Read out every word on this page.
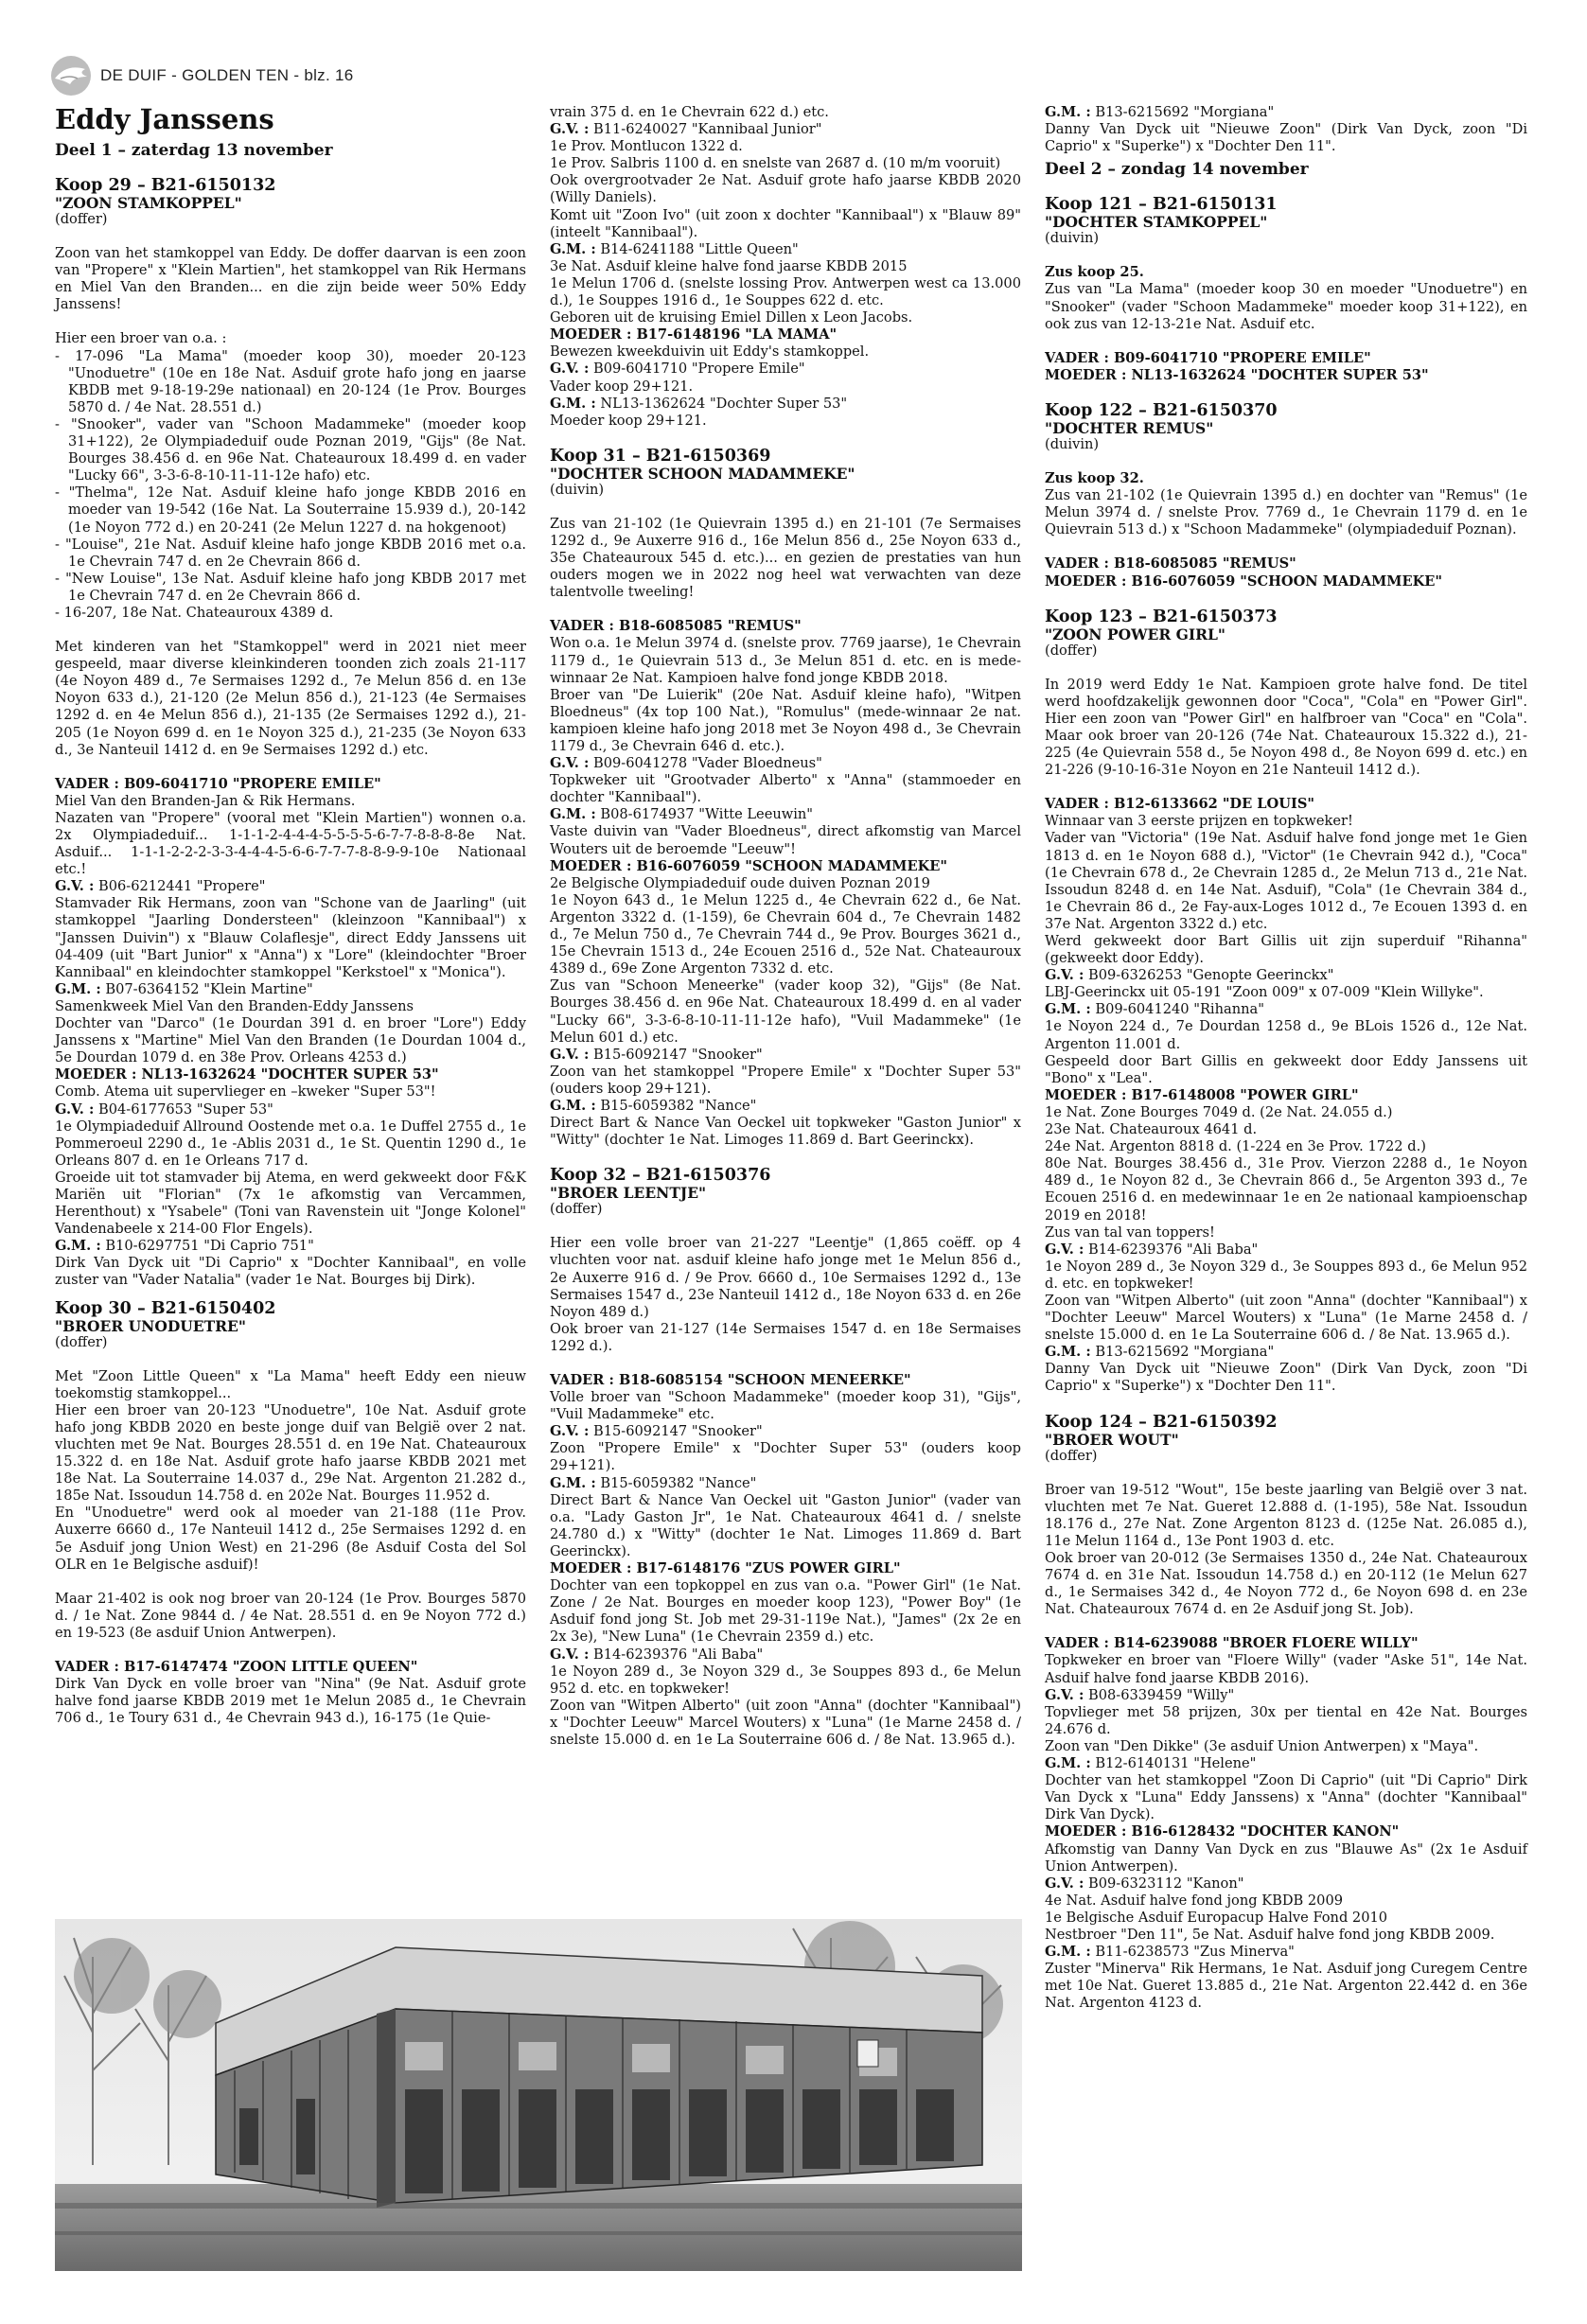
DE DUIF - GOLDEN TEN - blz. 16
Eddy Janssens
Deel 1 – zaterdag 13 november
Koop 29 – B21-6150132
"ZOON STAMKOPPEL"
(doffer)

Zoon van het stamkoppel van Eddy. De doffer daarvan is een zoon van "Propere" x "Klein Martien", het stamkoppel van Rik Hermans en Miel Van den Branden... en die zijn beide weer 50% Eddy Janssens!

Hier een broer van o.a. :

- 17-096 "La Mama" (moeder koop 30), moeder 20-123 "Unoduetre" (10e en 18e Nat. Asduif grote hafo jong en jaarse KBDB met 9-18-19-29e nationaal) en 20-124 (1e Prov. Bourges 5870 d. / 4e Nat. 28.551 d.)

- "Snooker", vader van "Schoon Madammeke" (moeder koop 31+122), 2e Olympiadeduif oude Poznan 2019, "Gijs" (8e Nat. Bourges 38.456 d. en 96e Nat. Chateauroux 18.499 d. en vader "Lucky 66", 3-3-6-8-10-11-11-12e hafo) etc.

- "Thelma", 12e Nat. Asduif kleine hafo jonge KBDB 2016 en moeder van 19-542 (16e Nat. La Souterraine 15.939 d.), 20-142 (1e Noyon 772 d.) en 20-241 (2e Melun 1227 d. na hokgenoot)

- "Louise", 21e Nat. Asduif kleine hafo jonge KBDB 2016 met o.a. 1e Chevrain 747 d. en 2e Chevrain 866 d.

- "New Louise", 13e Nat. Asduif kleine hafo jong KBDB 2017 met 1e Chevrain 747 d. en 2e Chevrain 866 d.

- 16-207, 18e Nat. Chateauroux 4389 d.

Met kinderen van het "Stamkoppel" werd in 2021 niet meer gespeeld, maar diverse kleinkinderen toonden zich zoals 21-117 (4e Noyon 489 d., 7e Sermaises 1292 d., 7e Melun 856 d. en 13e Noyon 633 d.), 21-120 (2e Melun 856 d.), 21-123 (4e Sermaises 1292 d. en 4e Melun 856 d.), 21-135 (2e Sermaises 1292 d.), 21-205 (1e Noyon 699 d. en 1e Noyon 325 d.), 21-235 (3e Noyon 633 d., 3e Nanteuil 1412 d. en 9e Sermaises 1292 d.) etc.

VADER : B09-6041710 "PROPERE EMILE"

Miel Van den Branden-Jan & Rik Hermans.
Nazaten van "Propere" (vooral met "Klein Martien") wonnen o.a. 2x Olympiadeduif... 1-1-1-2-4-4-4-5-5-5-5-6-7-7-8-8-8-8e Nat. Asduif... 1-1-1-2-2-2-3-3-4-4-4-5-6-6-7-7-7-8-8-9-9-10e Nationaal etc.!

G.V. : B06-6212441 "Propere"

Stamvader Rik Hermans, zoon van "Schone van de Jaarling" (uit stamkoppel "Jaarling Dondersteen" (kleinzoon "Kannibaal") x "Janssen Duivin") x "Blauw Colaflesje", direct Eddy Janssens uit 04-409 (uit "Bart Junior" x "Anna") x "Lore" (kleindochter "Broer Kannibaal" en kleindochter stamkoppel "Kerkstoel" x "Monica").

G.M. : B07-6364152 "Klein Martine"

Samenkweek Miel Van den Branden-Eddy Janssens
Dochter van "Darco" (1e Dourdan 391 d. en broer "Lore") Eddy Janssens x "Martine" Miel Van den Branden (1e Dourdan 1004 d., 5e Dourdan 1079 d. en 38e Prov. Orleans 4253 d.)

MOEDER : NL13-1632624 "DOCHTER SUPER 53"

Comb. Atema uit supervlieger en –kweker "Super 53"!

G.V. : B04-6177653 "Super 53"

1e Olympiadeduif Allround Oostende met o.a. 1e Duffel 2755 d., 1e Pommeroeul 2290 d., 1e -Ablis 2031 d., 1e St. Quentin 1290 d., 1e Orleans 807 d. en 1e Orleans 717 d.
Groeide uit tot stamvader bij Atema, en werd gekweekt door F&K Mariën uit "Florian" (7x 1e afkomstig van Vercammen, Herenthout) x "Ysabele" (Toni van Ravenstein uit "Jonge Kolonel" Vandenabeele x 214-00 Flor Engels).

G.M. : B10-6297751 "Di Caprio 751"

Dirk Van Dyck uit "Di Caprio" x "Dochter Kannibaal", en volle zuster van "Vader Natalia" (vader 1e Nat. Bourges bij Dirk).

Koop 30 – B21-6150402
"BROER UNODUETRE"
(doffer)

Met "Zoon Little Queen" x "La Mama" heeft Eddy een nieuw toekomstig stamkoppel...
Hier een broer van 20-123 "Unoduetre", 10e Nat. Asduif grote hafo jong KBDB 2020 en beste jonge duif van België over 2 nat. vluchten met 9e Nat. Bourges 28.551 d. en 19e Nat. Chateauroux 15.322 d. en 18e Nat. Asduif grote hafo jaarse KBDB 2021 met 18e Nat. La Souterraine 14.037 d., 29e Nat. Argenton 21.282 d., 185e Nat. Issoudun 14.758 d. en 202e Nat. Bourges 11.952 d.
En "Unoduetre" werd ook al moeder van 21-188 (11e Prov. Auxerre 6660 d., 17e Nanteuil 1412 d., 25e Sermaises 1292 d. en 5e Asduif jong Union West) en 21-296 (8e Asduif Costa del Sol OLR en 1e Belgische asduif)!

Maar 21-402 is ook nog broer van 20-124 (1e Prov. Bourges 5870 d. / 1e Nat. Zone 9844 d. / 4e Nat. 28.551 d. en 9e Noyon 772 d.) en 19-523 (8e asduif Union Antwerpen).

VADER : B17-6147474 "ZOON LITTLE QUEEN"

Dirk Van Dyck en volle broer van "Nina" (9e Nat. Asduif grote halve fond jaarse KBDB 2019 met 1e Melun 2085 d., 1e Chevrain 706 d., 1e Toury 631 d., 4e Chevrain 943 d.), 16-175 (1e Quie-

vrain 375 d. en 1e Chevrain 622 d.) etc.

G.V. : B11-6240027 "Kannibaal Junior"

1e Prov. Montlucon 1322 d.
1e Prov. Salbris 1100 d. en snelste van 2687 d. (10 m/m vooruit)
Ook overgrootvader 2e Nat. Asduif grote hafo jaarse KBDB 2020 (Willy Daniels).
Komt uit "Zoon Ivo" (uit zoon x dochter "Kannibaal") x "Blauw 89" (inteelt "Kannibaal").

G.M. : B14-6241188 "Little Queen"

3e Nat. Asduif kleine halve fond jaarse KBDB 2015
1e Melun 1706 d. (snelste lossing Prov. Antwerpen west ca 13.000 d.), 1e Souppes 1916 d., 1e Souppes 622 d. etc.
Geboren uit de kruising Emiel Dillen x Leon Jacobs.

MOEDER : B17-6148196 "LA MAMA"

Bewezen kweekduivin uit Eddy's stamkoppel.

G.V. : B09-6041710 "Propere Emile"

Vader koop 29+121.

G.M. : NL13-1362624 "Dochter Super 53"

Moeder koop 29+121.

Koop 31 – B21-6150369
"DOCHTER SCHOON MADAMMEKE"
(duivin)

Zus van 21-102 (1e Quievrain 1395 d.) en 21-101 (7e Sermaises 1292 d., 9e Auxerre 916 d., 16e Melun 856 d., 25e Noyon 633 d., 35e Chateauroux 545 d. etc.)... en gezien de prestaties van hun ouders mogen we in 2022 nog heel wat verwachten van deze talentvolle tweeling!

VADER : B18-6085085 "REMUS"

Won o.a. 1e Melun 3974 d. (snelste prov. 7769 jaarse), 1e Chevrain 1179 d., 1e Quievrain 513 d., 3e Melun 851 d. etc. en is mede-winnaar 2e Nat. Kampioen halve fond jonge KBDB 2018.
Broer van "De Luierik" (20e Nat. Asduif kleine hafo), "Witpen Bloedneus" (4x top 100 Nat.), "Romulus" (mede-winnaar 2e nat. kampioen kleine hafo jong 2018 met 3e Noyon 498 d., 3e Chevrain 1179 d., 3e Chevrain 646 d. etc.).

G.V. : B09-6041278 "Vader Bloedneus"

Topkweker uit "Grootvader Alberto" x "Anna" (stammoeder en dochter "Kannibaal").

G.M. : B08-6174937 "Witte Leeuwin"

Vaste duivin van "Vader Bloedneus", direct afkomstig van Marcel Wouters uit de beroemde "Leeuw"!

MOEDER : B16-6076059 "SCHOON MADAMMEKE"

2e Belgische Olympiadeduif oude duiven Poznan 2019
1e Noyon 643 d., 1e Melun 1225 d., 4e Chevrain 622 d., 6e Nat. Argenton 3322 d. (1-159), 6e Chevrain 604 d., 7e Chevrain 1482 d., 7e Melun 750 d., 7e Chevrain 744 d., 9e Prov. Bourges 3621 d., 15e Chevrain 1513 d., 24e Ecouen 2516 d., 52e Nat. Chateauroux 4389 d., 69e Zone Argenton 7332 d. etc.
Zus van "Schoon Meneerke" (vader koop 32), "Gijs" (8e Nat. Bourges 38.456 d. en 96e Nat. Chateauroux 18.499 d. en al vader "Lucky 66", 3-3-6-8-10-11-11-12e hafo), "Vuil Madammeke" (1e Melun 601 d.) etc.

G.V. : B15-6092147 "Snooker"

Zoon van het stamkoppel "Propere Emile" x "Dochter Super 53" (ouders koop 29+121).

G.M. : B15-6059382 "Nance"

Direct Bart & Nance Van Oeckel uit topkweker "Gaston Junior" x "Witty" (dochter 1e Nat. Limoges 11.869 d. Bart Geerinckx).

Koop 32 – B21-6150376
"BROER LEENTJE"
(doffer)

Hier een volle broer van 21-227 "Leentje" (1,865 coëff. op 4 vluchten voor nat. asduif kleine hafo jonge met 1e Melun 856 d., 2e Auxerre 916 d. / 9e Prov. 6660 d., 10e Sermaises 1292 d., 13e Sermaises 1547 d., 23e Nanteuil 1412 d., 18e Noyon 633 d. en 26e Noyon 489 d.)
Ook broer van 21-127 (14e Sermaises 1547 d. en 18e Sermaises 1292 d.).

VADER : B18-6085154 "SCHOON MENEERKE"

Volle broer van "Schoon Madammeke" (moeder koop 31), "Gijs", "Vuil Madammeke" etc.

G.V. : B15-6092147 "Snooker"

Zoon "Propere Emile" x "Dochter Super 53" (ouders koop 29+121).

G.M. : B15-6059382 "Nance"

Direct Bart & Nance Van Oeckel uit "Gaston Junior" (vader van o.a. "Lady Gaston Jr", 1e Nat. Chateauroux 4641 d. / snelste 24.780 d.) x "Witty" (dochter 1e Nat. Limoges 11.869 d. Bart Geerinckx).

MOEDER : B17-6148176 "ZUS POWER GIRL"

Dochter van een topkoppel en zus van o.a. "Power Girl" (1e Nat. Zone / 2e Nat. Bourges en moeder koop 123), "Power Boy" (1e Asduif fond jong St. Job met 29-31-119e Nat.), "James" (2x 2e en 2x 3e), "New Luna" (1e Chevrain 2359 d.) etc.

G.V. : B14-6239376 "Ali Baba"

1e Noyon 289 d., 3e Noyon 329 d., 3e Souppes 893 d., 6e Melun 952 d. etc. en topkweker!
Zoon van "Witpen Alberto" (uit zoon "Anna" (dochter "Kannibaal") x "Dochter Leeuw" Marcel Wouters) x "Luna" (1e Marne 2458 d. / snelste 15.000 d. en 1e La Souterraine 606 d. / 8e Nat. 13.965 d.).

G.M. : B13-6215692 "Morgiana"

Danny Van Dyck uit "Nieuwe Zoon" (Dirk Van Dyck, zoon "Di Caprio" x "Superke") x "Dochter Den 11".

Deel 2 – zondag 14 november
Koop 121 – B21-6150131
"DOCHTER STAMKOPPEL"
(duivin)

Zus koop 25.

Zus van "La Mama" (moeder koop 30 en moeder "Unoduetre") en "Snooker" (vader "Schoon Madammeke" moeder koop 31+122), en ook zus van 12-13-21e Nat. Asduif etc.

VADER : B09-6041710 "PROPERE EMILE"

MOEDER : NL13-1632624 "DOCHTER SUPER 53"

Koop 122 – B21-6150370
"DOCHTER REMUS"
(duivin)

Zus koop 32.

Zus van 21-102 (1e Quievrain 1395 d.) en dochter van "Remus" (1e Melun 3974 d. / snelste Prov. 7769 d., 1e Chevrain 1179 d. en 1e Quievrain 513 d.) x "Schoon Madammeke" (olympiadeduif Poznan).

VADER : B18-6085085 "REMUS"

MOEDER : B16-6076059 "SCHOON MADAMMEKE"

Koop 123 – B21-6150373
"ZOON POWER GIRL"
(doffer)

In 2019 werd Eddy 1e Nat. Kampioen grote halve fond. De titel werd hoofdzakelijk gewonnen door "Coca", "Cola" en "Power Girl". Hier een zoon van "Power Girl" en halfbroer van "Coca" en "Cola". Maar ook broer van 20-126 (74e Nat. Chateauroux 15.322 d.), 21-225 (4e Quievrain 558 d., 5e Noyon 498 d., 8e Noyon 699 d. etc.) en 21-226 (9-10-16-31e Noyon en 21e Nanteuil 1412 d.).

VADER : B12-6133662 "DE LOUIS"

Winnaar van 3 eerste prijzen en topkweker!
Vader van "Victoria" (19e Nat. Asduif halve fond jonge met 1e Gien 1813 d. en 1e Noyon 688 d.), "Victor" (1e Chevrain 942 d.), "Coca" (1e Chevrain 678 d., 2e Chevrain 1285 d., 2e Melun 713 d., 21e Nat. Issoudun 8248 d. en 14e Nat. Asduif), "Cola" (1e Chevrain 384 d., 1e Chevrain 86 d., 2e Fay-aux-Loges 1012 d., 7e Ecouen 1393 d. en 37e Nat. Argenton 3322 d.) etc.
Werd gekweekt door Bart Gillis uit zijn superduif "Rihanna" (gekweekt door Eddy).

G.V. : B09-6326253 "Genopte Geerinckx"

LBJ-Geerinckx uit 05-191 "Zoon 009" x 07-009 "Klein Willyke".

G.M. : B09-6041240 "Rihanna"

1e Noyon 224 d., 7e Dourdan 1258 d., 9e BLois 1526 d., 12e Nat. Argenton 11.001 d.
Gespeeld door Bart Gillis en gekweekt door Eddy Janssens uit "Bono" x "Lea".

MOEDER : B17-6148008 "POWER GIRL"

1e Nat. Zone Bourges 7049 d. (2e Nat. 24.055 d.)
23e Nat. Chateauroux 4641 d.
24e Nat. Argenton 8818 d. (1-224 en 3e Prov. 1722 d.)
80e Nat. Bourges 38.456 d., 31e Prov. Vierzon 2288 d., 1e Noyon 489 d., 1e Noyon 82 d., 3e Chevrain 866 d., 5e Argenton 393 d., 7e Ecouen 2516 d. en medewinnaar 1e en 2e nationaal kampioenschap 2019 en 2018!
Zus van tal van toppers!

G.V. : B14-6239376 "Ali Baba"

1e Noyon 289 d., 3e Noyon 329 d., 3e Souppes 893 d., 6e Melun 952 d. etc. en topkweker!
Zoon van "Witpen Alberto" (uit zoon "Anna" (dochter "Kannibaal") x "Dochter Leeuw" Marcel Wouters) x "Luna" (1e Marne 2458 d. / snelste 15.000 d. en 1e La Souterraine 606 d. / 8e Nat. 13.965 d.).

G.M. : B13-6215692 "Morgiana"

Danny Van Dyck uit "Nieuwe Zoon" (Dirk Van Dyck, zoon "Di Caprio" x "Superke") x "Dochter Den 11".

Koop 124 – B21-6150392
"BROER WOUT"
(doffer)

Broer van 19-512 "Wout", 15e beste jaarling van België over 3 nat. vluchten met 7e Nat. Gueret 12.888 d. (1-195), 58e Nat. Issoudun 18.176 d., 27e Nat. Zone Argenton 8123 d. (125e Nat. 26.085 d.), 11e Melun 1164 d., 13e Pont 1903 d. etc.
Ook broer van 20-012 (3e Sermaises 1350 d., 24e Nat. Chateauroux 7674 d. en 31e Nat. Issoudun 14.758 d.) en 20-112 (1e Melun 627 d., 1e Sermaises 342 d., 4e Noyon 772 d., 6e Noyon 698 d. en 23e Nat. Chateauroux 7674 d. en 2e Asduif jong St. Job).

VADER : B14-6239088 "BROER FLOERE WILLY"

Topkweker en broer van "Floere Willy" (vader "Aske 51", 14e Nat. Asduif halve fond jaarse KBDB 2016).

G.V. : B08-6339459 "Willy"

Topvlieger met 58 prijzen, 30x per tiental en 42e Nat. Bourges 24.676 d.
Zoon van "Den Dikke" (3e asduif Union Antwerpen) x "Maya".

G.M. : B12-6140131 "Helene"

Dochter van het stamkoppel "Zoon Di Caprio" (uit "Di Caprio" Dirk Van Dyck x "Luna" Eddy Janssens) x "Anna" (dochter "Kannibaal" Dirk Van Dyck).

MOEDER : B16-6128432 "DOCHTER KANON"

Afkomstig van Danny Van Dyck en zus "Blauwe As" (2x 1e Asduif Union Antwerpen).

G.V. : B09-6323112 "Kanon"

4e Nat. Asduif halve fond jong KBDB 2009
1e Belgische Asduif Europacup Halve Fond 2010
Nestbroer "Den 11", 5e Nat. Asduif halve fond jong KBDB 2009.

G.M. : B11-6238573 "Zus Minerva"

Zuster "Minerva" Rik Hermans, 1e Nat. Asduif jong Curegem Centre met 10e Nat. Gueret 13.885 d., 21e Nat. Argenton 22.442 d. en 36e Nat. Argenton 4123 d.
